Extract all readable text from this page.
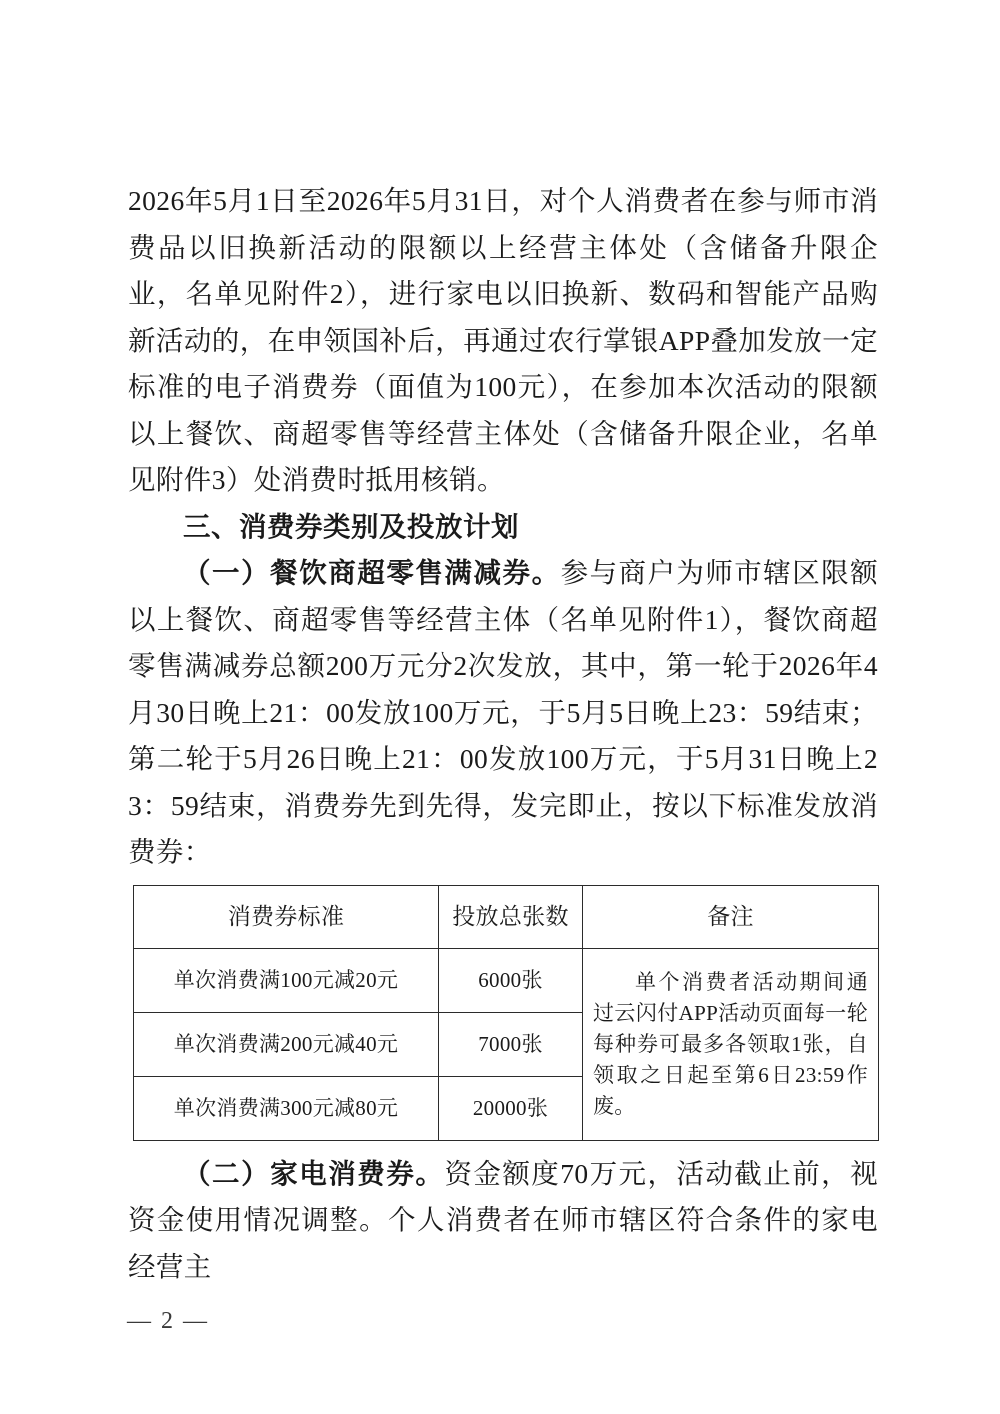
2026年5月1日至2026年5月31日，对个人消费者在参与师市消费品以旧换新活动的限额以上经营主体处（含储备升限企业，名单见附件2），进行家电以旧换新、数码和智能产品购新活动的，在申领国补后，再通过农行掌银APP叠加发放一定标准的电子消费券（面值为100元），在参加本次活动的限额以上餐饮、商超零售等经营主体处（含储备升限企业，名单见附件3）处消费时抵用核销。

三、消费券类别及投放计划

（一）餐饮商超零售满减券。参与商户为师市辖区限额以上餐饮、商超零售等经营主体（名单见附件1），餐饮商超零售满减券总额200万元分2次发放，其中，第一轮于2026年4月30日晚上21：00发放100万元，于5月5日晚上23：59结束；第二轮于5月26日晚上21：00发放100万元，于5月31日晚上23：59结束，消费券先到先得，发完即止，按以下标准发放消费券：

消费券标准	投放总张数	备注
单次消费满100元减20元	6000张	单个消费者活动期间通过云闪付APP活动页面每一轮每种券可最多各领取1张，自领取之日起至第6日23:59作废。
单次消费满200元减40元	7000张	
单次消费满300元减80元	20000张	

（二）家电消费券。资金额度70万元，活动截止前，视资金使用情况调整。个人消费者在师市辖区符合条件的家电经营主

— 2 —
